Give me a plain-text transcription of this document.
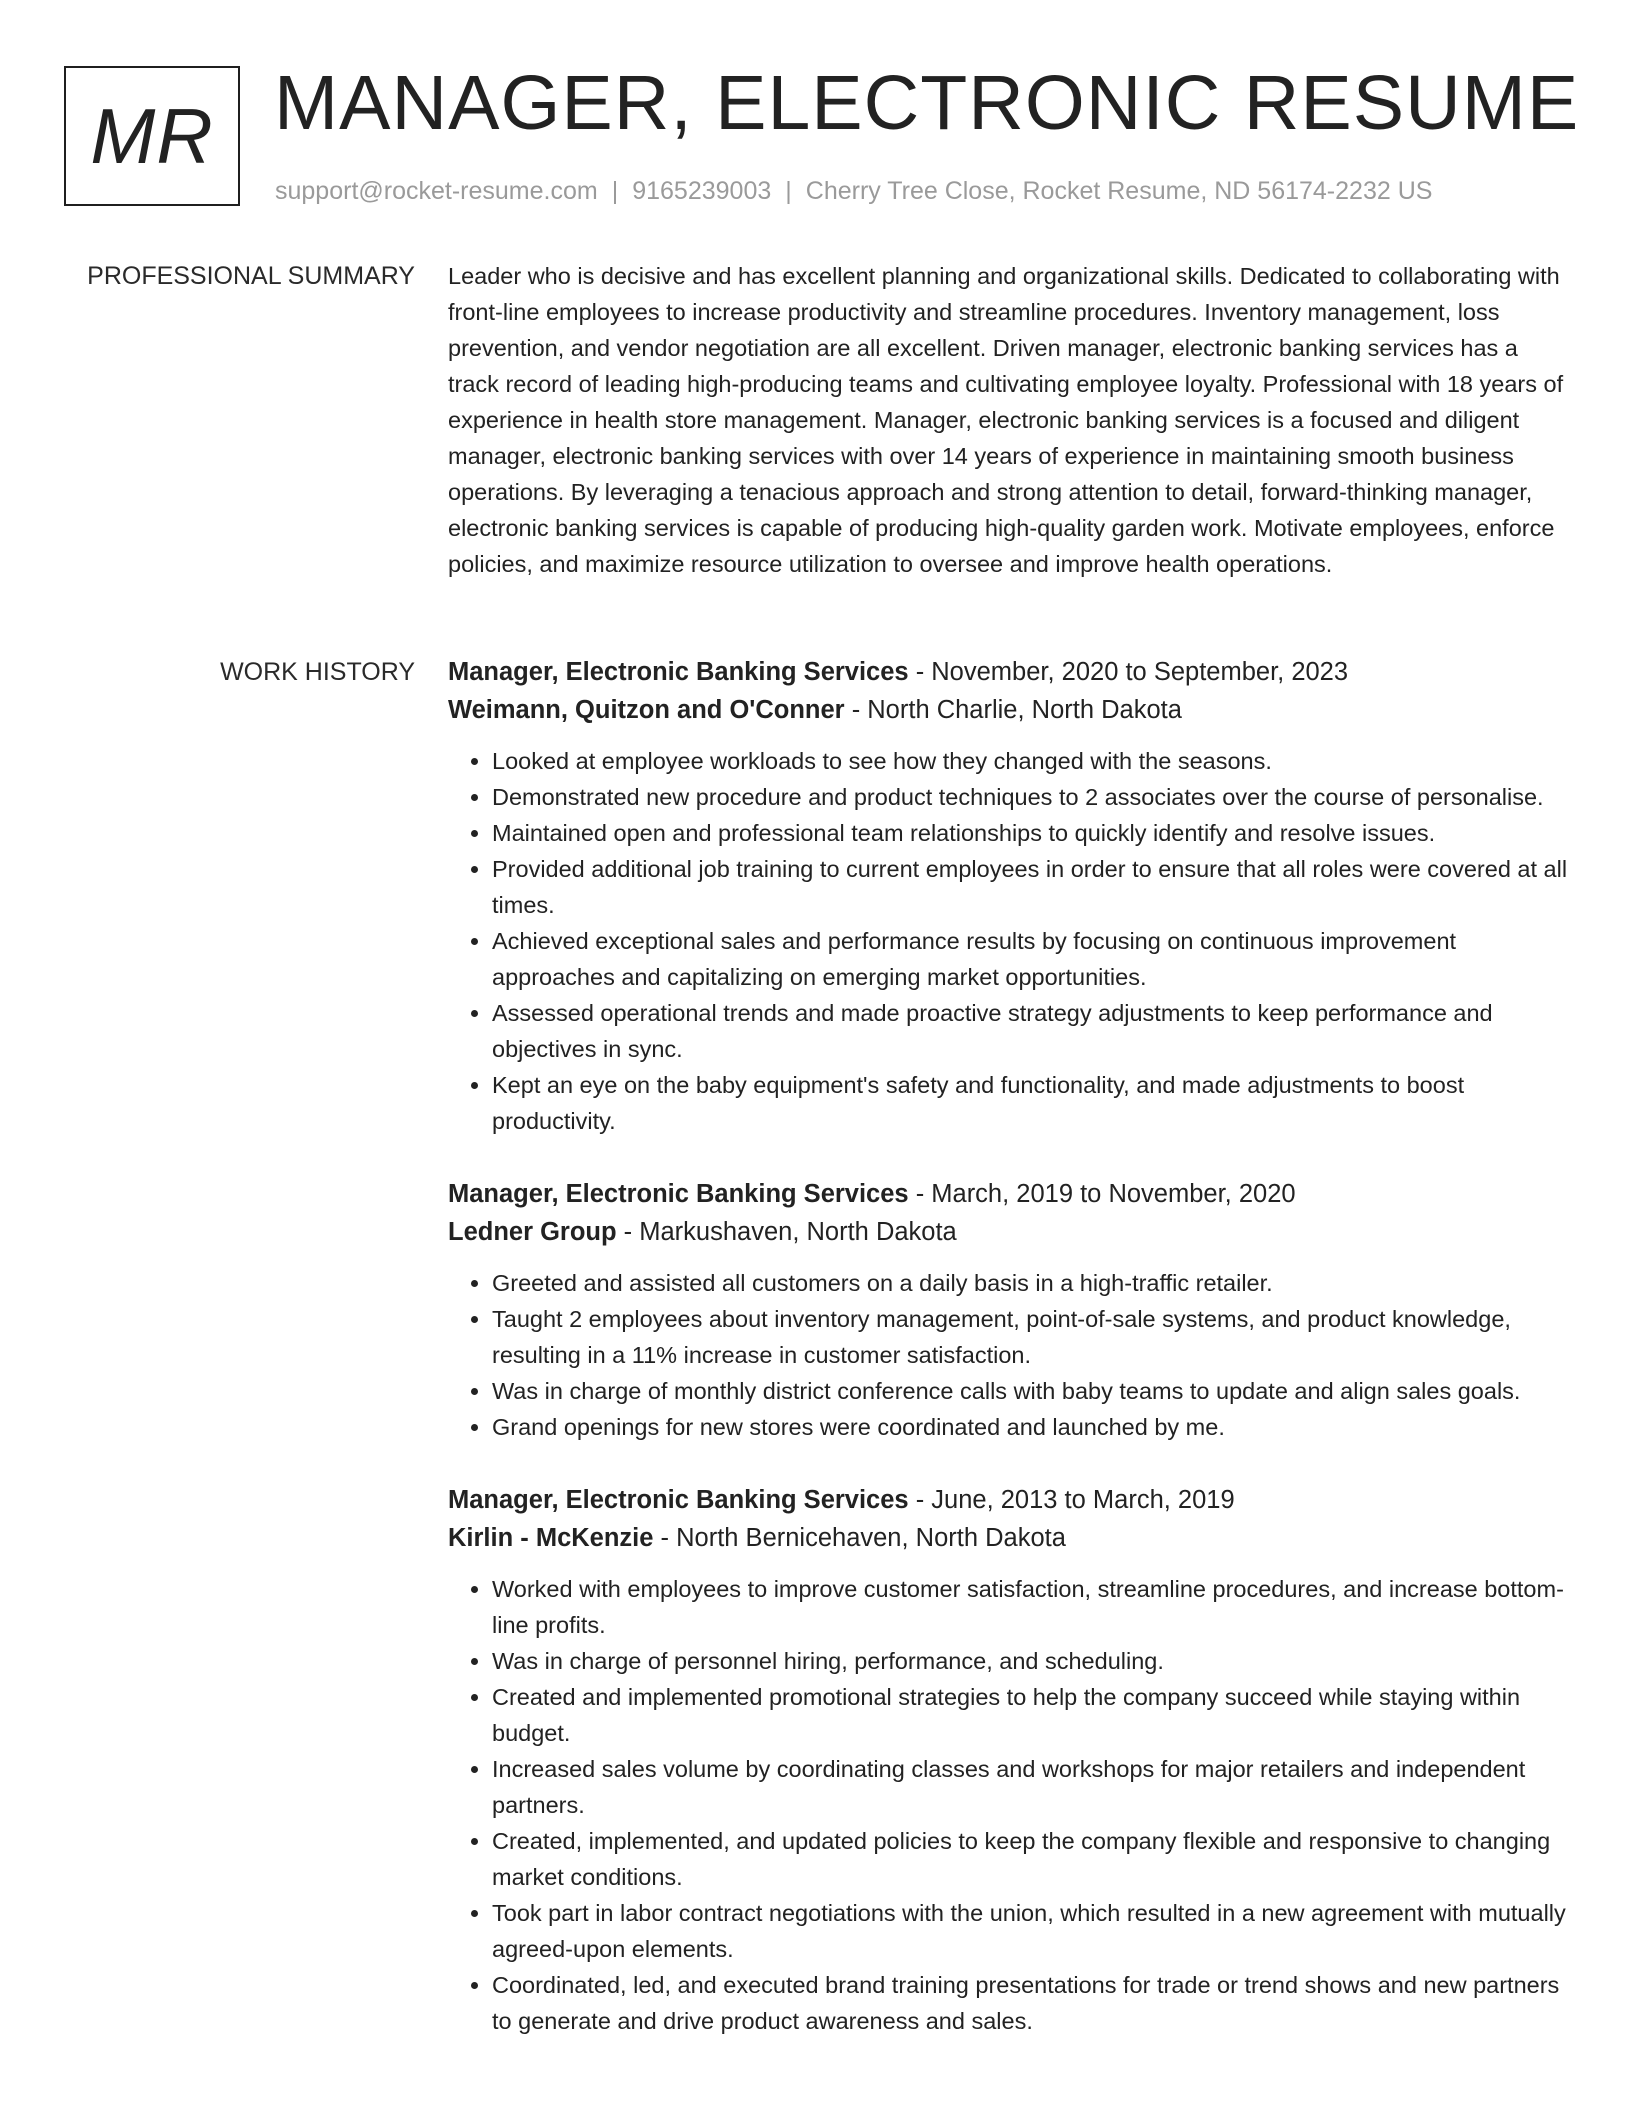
MR MANAGER, ELECTRONIC RESUME
support@rocket-resume.com | 9165239003 | Cherry Tree Close, Rocket Resume, ND 56174-2232 US
PROFESSIONAL SUMMARY Leader who is decisive and has excellent planning and organizational skills. Dedicated to collaborating with front-line employees to increase productivity and streamline procedures. Inventory management, loss prevention, and vendor negotiation are all excellent. Driven manager, electronic banking services has a track record of leading high-producing teams and cultivating employee loyalty. Professional with 18 years of experience in health store management. Manager, electronic banking services is a focused and diligent manager, electronic banking services with over 14 years of experience in maintaining smooth business operations. By leveraging a tenacious approach and strong attention to detail, forward-thinking manager, electronic banking services is capable of producing high-quality garden work. Motivate employees, enforce policies, and maximize resource utilization to oversee and improve health operations.

WORK HISTORY Manager, Electronic Banking Services - November, 2020 to September, 2023
Weimann, Quitzon and O'Conner - North Charlie, North Dakota
• Looked at employee workloads to see how they changed with the seasons.
• Demonstrated new procedure and product techniques to 2 associates over the course of personalise.
• Maintained open and professional team relationships to quickly identify and resolve issues.
• Provided additional job training to current employees in order to ensure that all roles were covered at all times.
• Achieved exceptional sales and performance results by focusing on continuous improvement approaches and capitalizing on emerging market opportunities.
• Assessed operational trends and made proactive strategy adjustments to keep performance and objectives in sync.
• Kept an eye on the baby equipment's safety and functionality, and made adjustments to boost productivity.
Manager, Electronic Banking Services - March, 2019 to November, 2020
Ledner Group - Markushaven, North Dakota
• Greeted and assisted all customers on a daily basis in a high-traffic retailer.
• Taught 2 employees about inventory management, point-of-sale systems, and product knowledge, resulting in a 11% increase in customer satisfaction.
• Was in charge of monthly district conference calls with baby teams to update and align sales goals.
• Grand openings for new stores were coordinated and launched by me.
Manager, Electronic Banking Services - June, 2013 to March, 2019
Kirlin - McKenzie - North Bernicehaven, North Dakota
• Worked with employees to improve customer satisfaction, streamline procedures, and increase bottom-line profits.
• Was in charge of personnel hiring, performance, and scheduling.
• Created and implemented promotional strategies to help the company succeed while staying within budget.
• Increased sales volume by coordinating classes and workshops for major retailers and independent partners.
• Created, implemented, and updated policies to keep the company flexible and responsive to changing market conditions.
• Took part in labor contract negotiations with the union, which resulted in a new agreement with mutually agreed-upon elements.
• Coordinated, led, and executed brand training presentations for trade or trend shows and new partners to generate and drive product awareness and sales.
